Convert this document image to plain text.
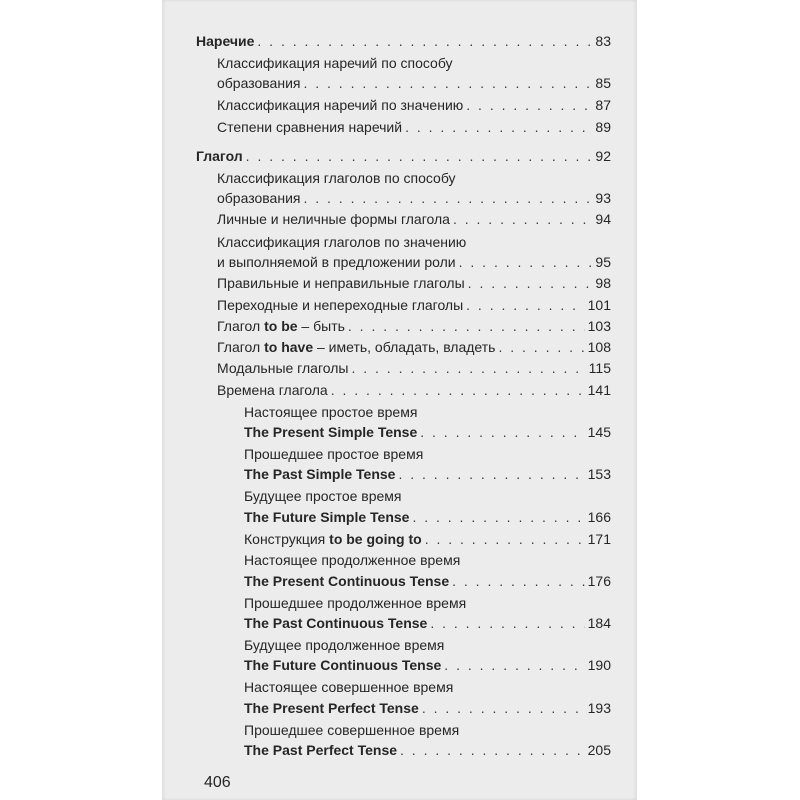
Наречие . . .	83
Классификация наречий по способу
образования . . .	85
Классификация наречий по значению . . .	87
Степени сравнения наречий . . .	89
Глагол . . .	92
Классификация глаголов по способу
образования . . .	93
Личные и неличные формы глагола . . .	94
Классификация глаголов по значению
и выполняемой в предложении роли . . .	95
Правильные и неправильные глаголы . . .	98
Переходные и непереходные глаголы . . .	101
Глагол to be – быть . . .	103
Глагол to have – иметь, обладать, владеть . . .	108
Модальные глаголы . . .	115
Времена глагола . . .	141
Настоящее простое время
The Present Simple Tense . . .	145
Прошедшее простое время
The Past Simple Tense . . .	153
Будущее простое время
The Future Simple Tense . . .	166
Конструкция to be going to . . .	171
Настоящее продолженное время
The Present Continuous Tense . . .	176
Прошедшее продолженное время
The Past Continuous Tense . . .	184
Будущее продолженное время
The Future Continuous Tense . . .	190
Настоящее совершенное время
The Present Perfect Tense . . .	193
Прошедшее совершенное время
The Past Perfect Tense . . .	205
406
